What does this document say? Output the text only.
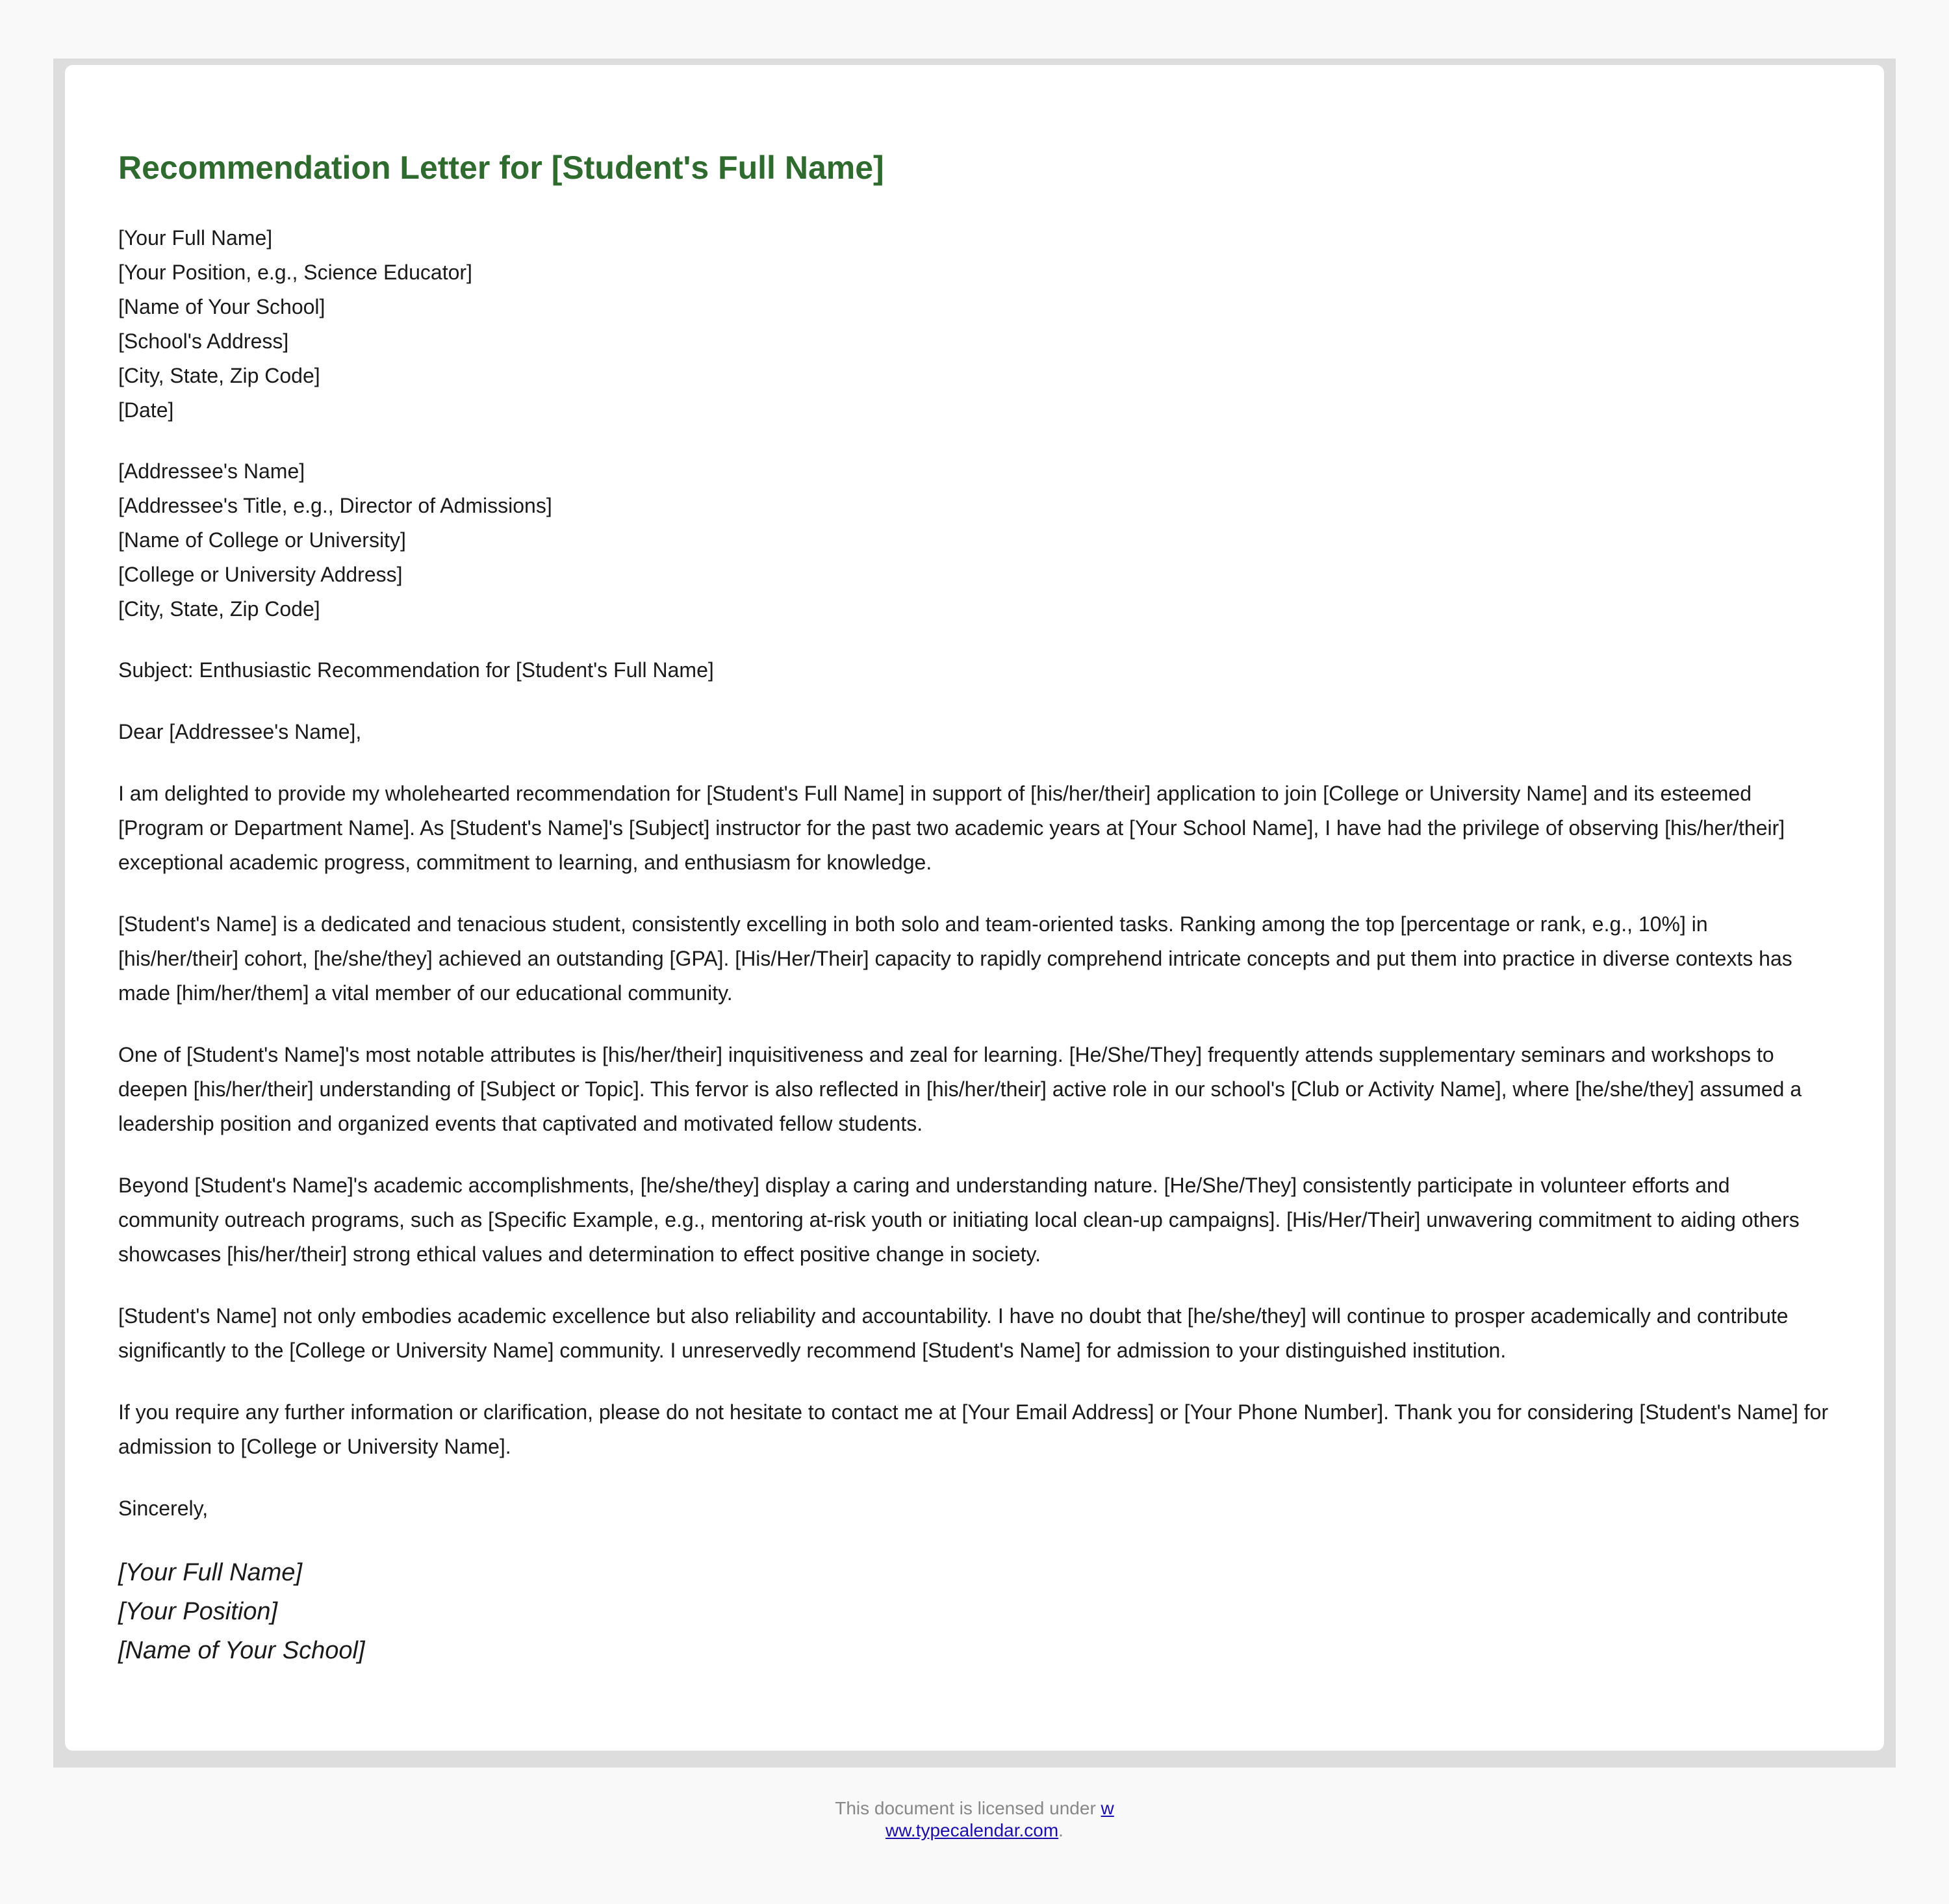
Recommendation Letter for [Student's Full Name]
[Your Full Name]
[Your Position, e.g., Science Educator]
[Name of Your School]
[School's Address]
[City, State, Zip Code]
[Date]
[Addressee's Name]
[Addressee's Title, e.g., Director of Admissions]
[Name of College or University]
[College or University Address]
[City, State, Zip Code]
Subject: Enthusiastic Recommendation for [Student's Full Name]
Dear [Addressee's Name],

I am delighted to provide my wholehearted recommendation for [Student's Full Name] in support of [his/her/their] application to join [College or University Name] and its esteemed [Program or Department Name]. As [Student's Name]'s [Subject] instructor for the past two academic years at [Your School Name], I have had the privilege of observing [his/her/their] exceptional academic progress, commitment to learning, and enthusiasm for knowledge.

[Student's Name] is a dedicated and tenacious student, consistently excelling in both solo and team-oriented tasks. Ranking among the top [percentage or rank, e.g., 10%] in [his/her/their] cohort, [he/she/they] achieved an outstanding [GPA]. [His/Her/Their] capacity to rapidly comprehend intricate concepts and put them into practice in diverse contexts has made [him/her/them] a vital member of our educational community.

One of [Student's Name]'s most notable attributes is [his/her/their] inquisitiveness and zeal for learning. [He/She/They] frequently attends supplementary seminars and workshops to deepen [his/her/their] understanding of [Subject or Topic]. This fervor is also reflected in [his/her/their] active role in our school's [Club or Activity Name], where [he/she/they] assumed a leadership position and organized events that captivated and motivated fellow students.

Beyond [Student's Name]'s academic accomplishments, [he/she/they] display a caring and understanding nature. [He/She/They] consistently participate in volunteer efforts and community outreach programs, such as [Specific Example, e.g., mentoring at-risk youth or initiating local clean-up campaigns]. [His/Her/Their] unwavering commitment to aiding others showcases [his/her/their] strong ethical values and determination to effect positive change in society.

[Student's Name] not only embodies academic excellence but also reliability and accountability. I have no doubt that [he/she/they] will continue to prosper academically and contribute significantly to the [College or University Name] community. I unreservedly recommend [Student's Name] for admission to your distinguished institution.

If you require any further information or clarification, please do not hesitate to contact me at [Your Email Address] or [Your Phone Number]. Thank you for considering [Student's Name] for admission to [College or University Name].

Sincerely,
[Your Full Name]
[Your Position]
[Name of Your School]
This document is licensed under w
ww.typecalendar.com.
